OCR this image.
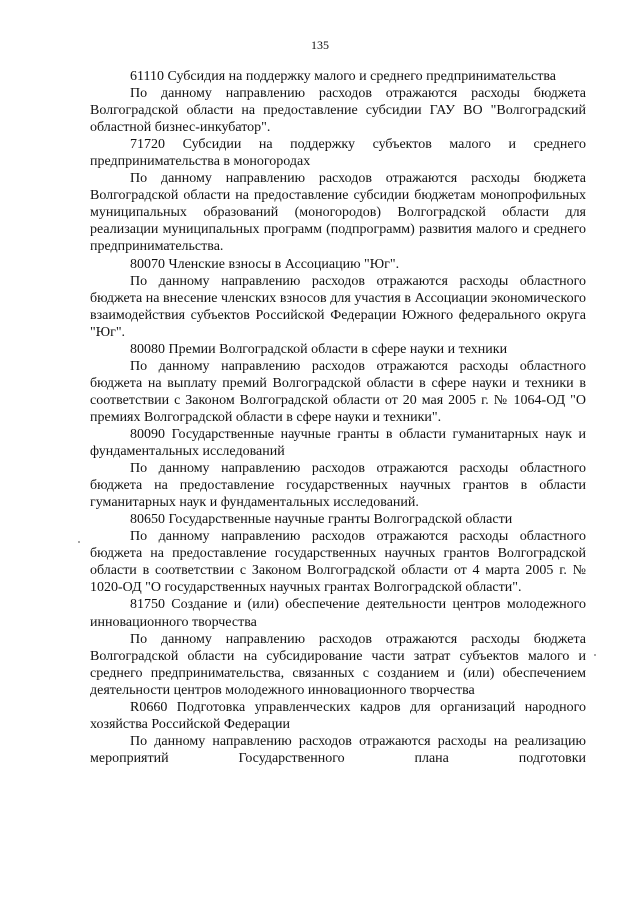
135

61110 Субсидия на поддержку малого и среднего предпринимательства

По данному направлению расходов отражаются расходы бюджета Волгоградской области на предоставление субсидии ГАУ ВО "Волгоградский областной бизнес-инкубатор".

71720 Субсидии на поддержку субъектов малого и среднего предпринимательства в моногородах

По данному направлению расходов отражаются расходы бюджета Волгоградской области на предоставление субсидии бюджетам монопрофильных муниципальных образований (моногородов) Волгоградской области для реализации муниципальных программ (подпрограмм) развития малого и среднего предпринимательства.

80070 Членские взносы в Ассоциацию "Юг".

По данному направлению расходов отражаются расходы областного бюджета на внесение членских взносов для участия в Ассоциации экономического взаимодействия субъектов Российской Федерации Южного федерального округа "Юг".

80080 Премии Волгоградской области в сфере науки и техники

По данному направлению расходов отражаются расходы областного бюджета на выплату премий Волгоградской области в сфере науки и техники в соответствии с Законом Волгоградской области от 20 мая 2005 г. № 1064-ОД "О премиях Волгоградской области в сфере науки и техники".

80090 Государственные научные гранты в области гуманитарных наук и фундаментальных исследований

По данному направлению расходов отражаются расходы областного бюджета на предоставление государственных научных грантов в области гуманитарных наук и фундаментальных исследований.

80650 Государственные научные гранты Волгоградской области

По данному направлению расходов отражаются расходы областного бюджета на предоставление государственных научных грантов Волгоградской области в соответствии с Законом Волгоградской области от 4 марта 2005 г. № 1020-ОД "О государственных научных грантах Волгоградской области".

81750 Создание и (или) обеспечение деятельности центров молодежного инновационного творчества

По данному направлению расходов отражаются расходы бюджета Волгоградской области на субсидирование части затрат субъектов малого и среднего предпринимательства, связанных с созданием и (или) обеспечением деятельности центров молодежного инновационного творчества

R0660 Подготовка управленческих кадров для организаций народного хозяйства Российской Федерации

По данному направлению расходов отражаются расходы на реализацию мероприятий Государственного плана подготовки
